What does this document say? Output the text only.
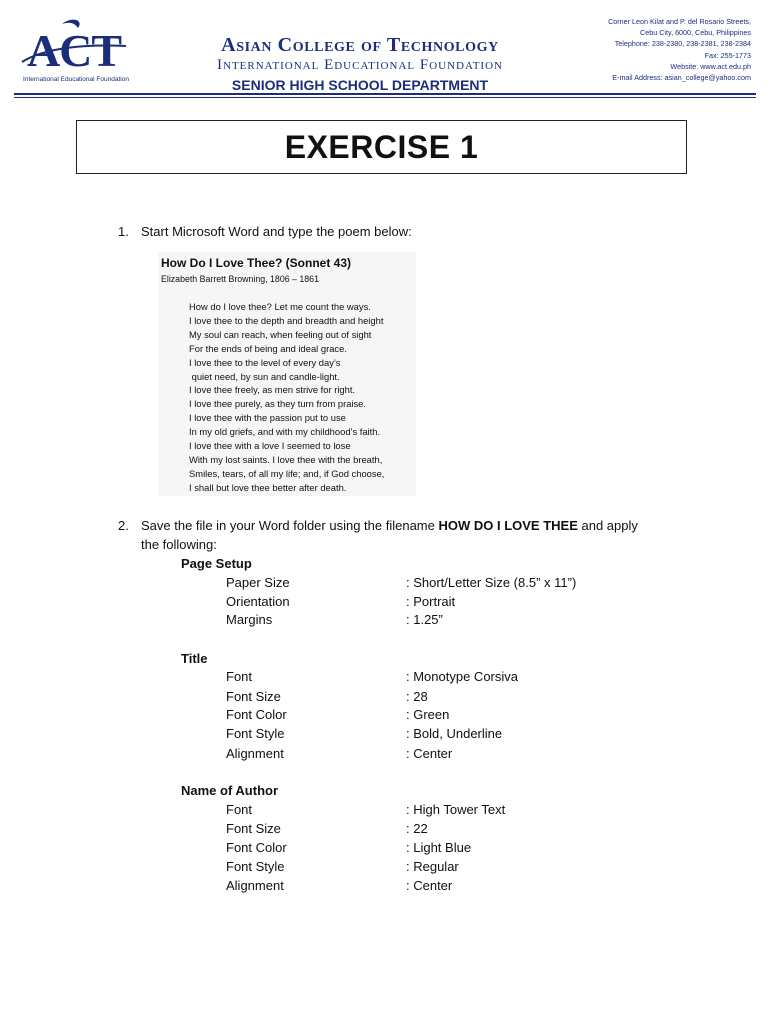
ACT
International Educational Foundation
Asian College of Technology
International Educational Foundation
SENIOR HIGH SCHOOL DEPARTMENT
Corner Leon Kilat and P. del Rosario Streets,
Cebu City, 6000, Cebu, Philippines
Telephone: 238-2380, 238-2381, 238-2384
Fax: 255-1773
Website: www.act.edu.ph
E-mail Address: asian_college@yahoo.com
EXERCISE 1
1. Start Microsoft Word and type the poem below:
How Do I Love Thee? (Sonnet 43)
Elizabeth Barrett Browning, 1806 – 1861
How do I love thee? Let me count the ways.
I love thee to the depth and breadth and height
My soul can reach, when feeling out of sight
For the ends of being and ideal grace.
I love thee to the level of every day’s
quiet need, by sun and candle-light.
I love thee freely, as men strive for right.
I love thee purely, as they turn from praise.
I love thee with the passion put to use
In my old griefs, and with my childhood’s faith.
I love thee with a love I seemed to lose
With my lost saints. I love thee with the breath,
Smiles, tears, of all my life; and, if God choose,
I shall but love thee better after death.
2. Save the file in your Word folder using the filename HOW DO I LOVE THEE and apply
the following:
Page Setup
Paper Size	: Short/Letter Size (8.5” x 11”)
Orientation	: Portrait
Margins	: 1.25”
Title
Font	: Monotype Corsiva
Font Size	: 28
Font Color	: Green
Font Style	: Bold, Underline
Alignment	: Center
Name of Author
Font	: High Tower Text
Font Size	: 22
Font Color	: Light Blue
Font Style	: Regular
Alignment	: Center
